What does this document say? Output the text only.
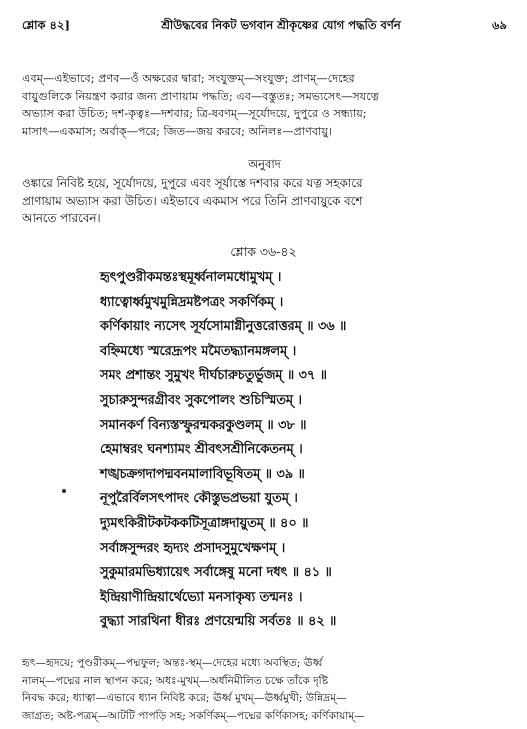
শ্লোক ৪২]	শ্রীউদ্ধবের নিকট ভগবান শ্রীকৃষ্ণের যোগ পদ্ধতি বর্ণন	৬৯

এবম্—এইভাবে; প্রণব—ওঁ অক্ষরের দ্বারা; সংযুক্তম্—সংযুক্ত; প্রাণম্—দেহের

বায়ুগুলিকে নিয়ন্ত্রণ করার জন্য প্রাণায়াম পদ্ধতি; এব—বস্তুতঃ; সমভ্যসেৎ—সযত্নে

অভ্যাস করা উচিত; দশ-কৃত্বঃ—দশবার; ত্রি-ষবণম্—সূর্যোদয়ে, দুপুরে ও সন্ধ্যায়;

মাসাৎ—একমাস; অর্বাক্—পরে; জিত—জয় করবে; অনিলঃ—প্রাণবায়ু।

অনুবাদ

ওঙ্কারে নিবিষ্ট হয়ে, সূর্যোদয়ে, দুপুরে এবং সূর্যাস্তে দশবার করে যত্ন সহকারে

প্রাণায়াম অভ্যাস করা উচিত। এইভাবে একমাস পরে তিনি প্রাণবায়ুকে বশে

আনতে পারবেন।

শ্লোক ৩৬-৪২

হৃৎপুণ্ডরীকমন্তঃস্থমূর্ধ্বনালমধোমুখম্ ।

ধ্যাত্বোর্ধ্বমুখমুন্নিদ্রমষ্টপত্রং সকর্ণিকম্ ।

কর্ণিকায়াং ন্যসেৎ সূর্যসোমাগ্নীনুত্তরোত্তরম্ ॥ ৩৬ ॥

বহ্নিমধ্যে স্মরেদ্রূপং মমৈতদ্ধ্যানমঙ্গলম্ ।

সমং প্রশান্তং সুমুখং দীর্ঘচারুচতুর্ভুজম্ ॥ ৩৭ ॥

সুচারুসুন্দরগ্রীবং সুকপোলং শুচিস্মিতম্ ।

সমানকর্ণ বিন্যস্তস্ফুরন্মকরকুণ্ডলম্ ॥ ৩৮ ॥

হেমাম্বরং ঘনশ্যামং শ্রীবৎসশ্রীনিকেতনম্ ।

শঙ্খচক্রগদাপদ্মবনমালাবিভূষিতম্ ॥ ৩৯ ॥

নূপুরৈর্বিলসৎপাদং কৌস্তুভপ্রভয়া যুতম্ ।

দ্যুমৎকিরীটকটককটিসূত্রাঙ্গদায়ুতম্ ॥ ৪০ ॥

সর্বাঙ্গসুন্দরং হৃদ্যং প্রসাদসুমুখেক্ষণম্ ।

সুকুমারমভিধ্যায়েৎ সর্বাঙ্গেষু মনো দধৎ ॥ ৪১ ॥

ইন্দ্রিয়াণীন্দ্রিয়ার্থেভ্যো মনসাকৃষ্য তন্মনঃ ।

বুদ্ধ্যা সারথিনা ধীরঃ প্রণয়েন্ময়ি সর্বতঃ ॥ ৪২ ॥

হৃৎ—হৃদয়ে; পুণ্ডরীকম্—পদ্মফুল; অন্তঃ-স্থম্—দেহের মধ্যে অবস্থিত; ঊর্ধ্ব

নালম্—পদ্মের নাল স্থাপন করে; অধঃ-মুখম্—অর্ধনিমীলিত চক্ষে তাঁকে দৃষ্টি

নিবদ্ধ করে; ধ্যাত্বা—এভাবে ধ্যান নিবিষ্ট করে; ঊর্ধ্ব মুখম্—ঊর্ধ্বমুখী; উন্নিদ্রম্—

জাগ্রত; অষ্ট-পত্রম্—আটটি পাপড়ি সহ; সকর্ণিকম্—পদ্মের কর্ণিকাসহ; কর্ণিকায়াম্—
